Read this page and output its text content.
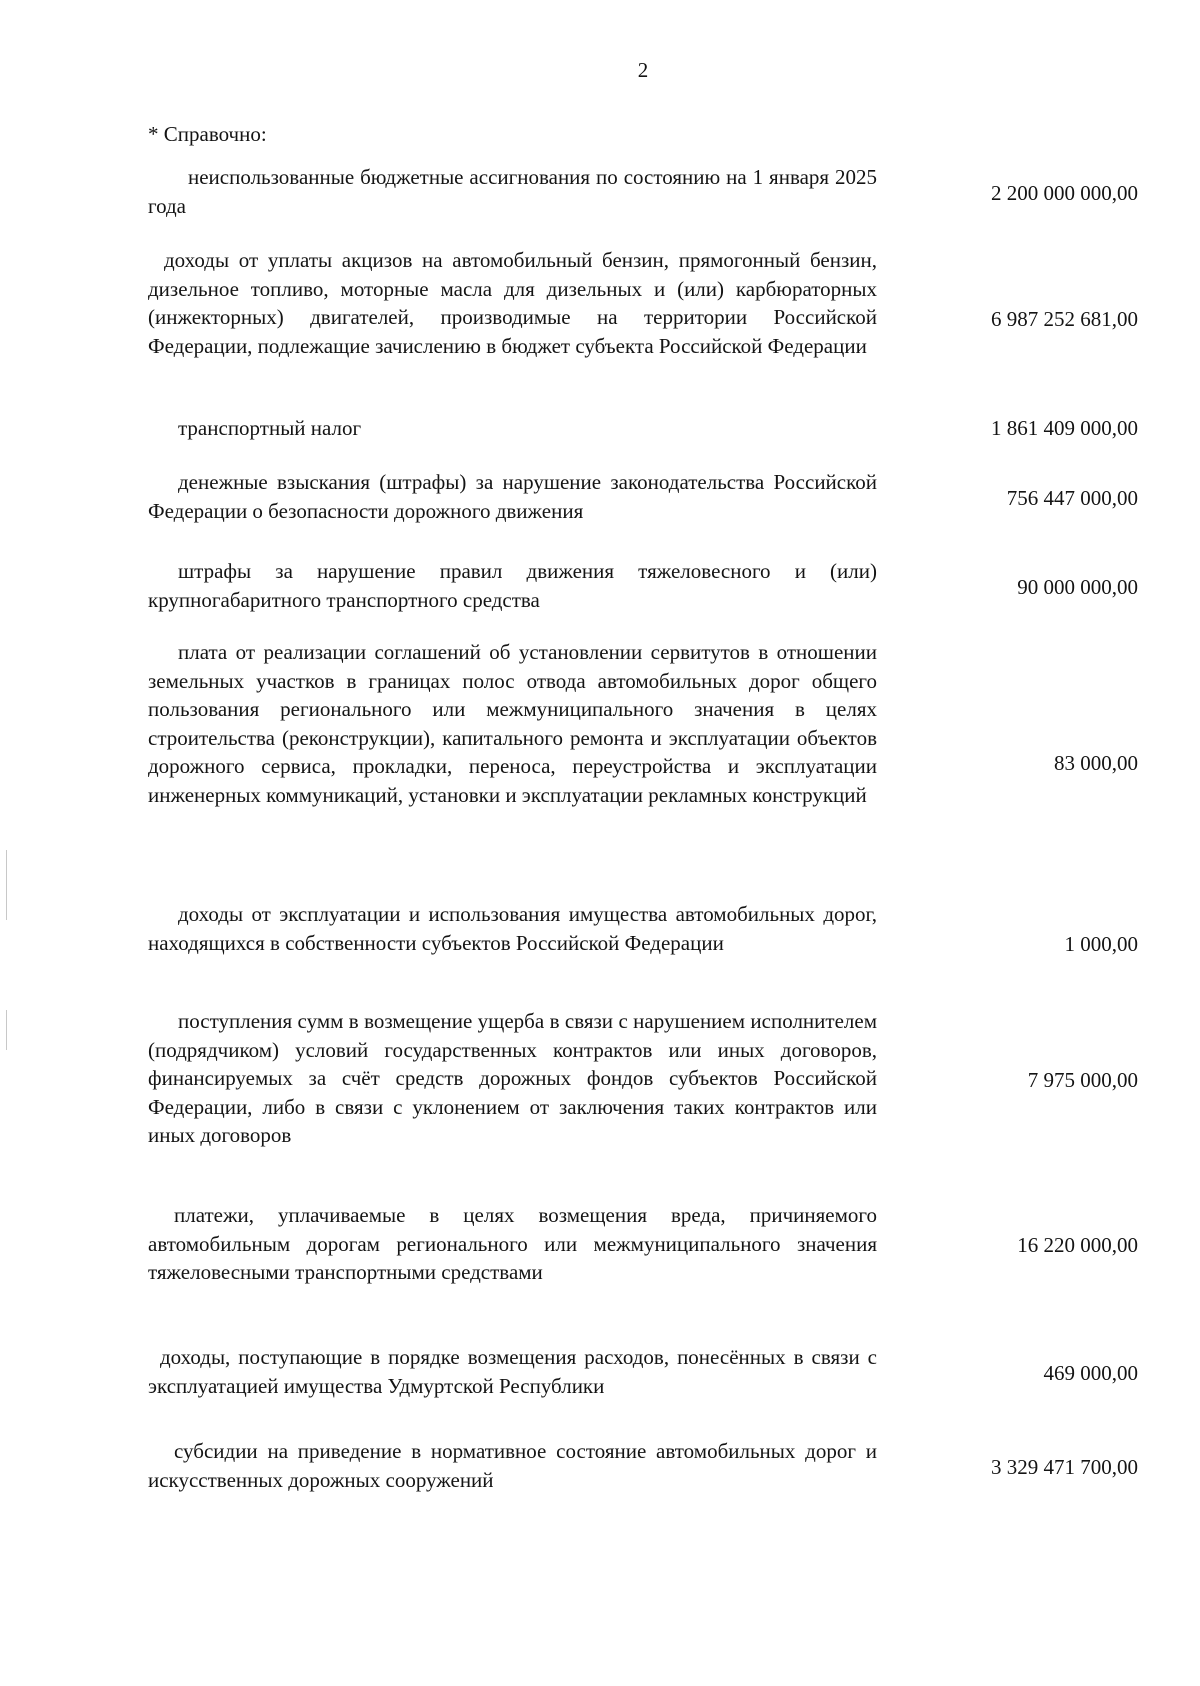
2
* Справочно:
неиспользованные бюджетные ассигнования по состоянию на 1 января 2025 года
2 200 000 000,00
доходы от уплаты акцизов на автомобильный бензин, прямогонный бензин, дизельное топливо, моторные масла для дизельных и (или) карбюраторных (инжекторных) двигателей, производимые на территории Российской Федерации, подлежащие зачислению в бюджет субъекта Российской Федерации
6 987 252 681,00
транспортный налог	1 861 409 000,00
денежные взыскания (штрафы) за нарушение законодательства Российской Федерации о безопасности дорожного движения
756 447 000,00
штрафы за нарушение правил движения тяжеловесного и (или) крупногабаритного транспортного средства
90 000 000,00
плата от реализации соглашений об установлении сервитутов в отношении земельных участков в границах полос отвода автомобильных дорог общего пользования регионального или межмуниципального значения в целях строительства (реконструкции), капитального ремонта и эксплуатации объектов дорожного сервиса, прокладки, переноса, переустройства и эксплуатации инженерных коммуникаций, установки и эксплуатации рекламных конструкций
83 000,00
доходы от эксплуатации и использования имущества автомобильных дорог, находящихся в собственности субъектов Российской Федерации	1 000,00
поступления сумм в возмещение ущерба в связи с нарушением исполнителем (подрядчиком) условий государственных контрактов или иных договоров, финансируемых за счёт средств дорожных фондов субъектов Российской Федерации, либо в связи с уклонением от заключения таких контрактов или иных договоров
7 975 000,00
платежи, уплачиваемые в целях возмещения вреда, причиняемого автомобильным дорогам регионального или межмуниципального значения тяжеловесными транспортными средствами
16 220 000,00
доходы, поступающие в порядке возмещения расходов, понесённых в связи с эксплуатацией имущества Удмуртской Республики
469 000,00
субсидии на приведение в нормативное состояние автомобильных дорог и искусственных дорожных сооружений
3 329 471 700,00
